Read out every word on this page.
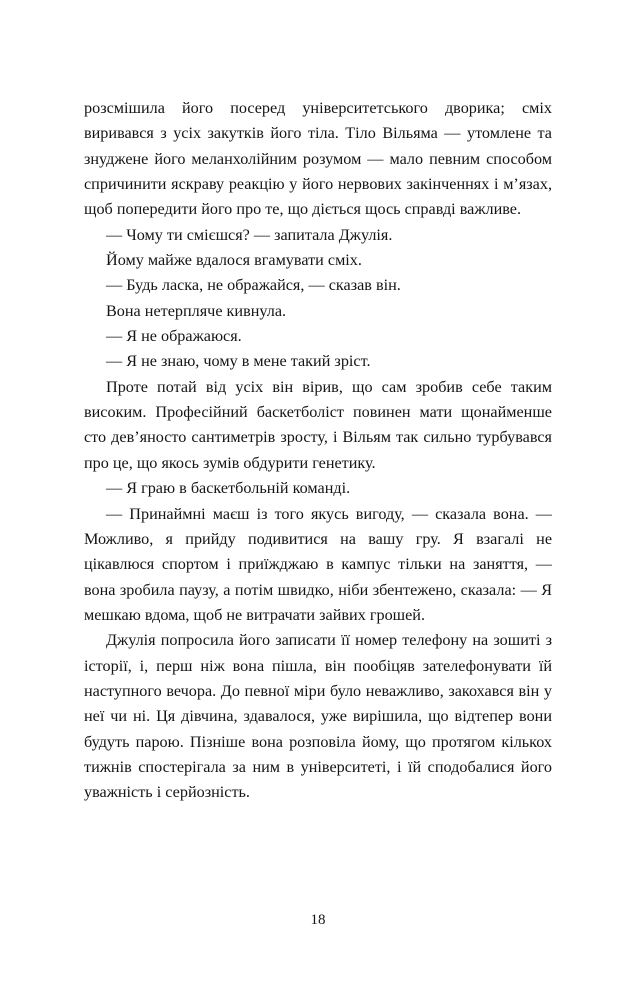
розсмішила його посеред університетського дворика; сміх виривався з усіх закутків його тіла. Тіло Вільяма — утомлене та знуджене його меланхолійним розумом — мало певним способом спричинити яскраву реакцію у його нервових закінченнях і м’язах, щоб попередити його про те, що діється щось справді важливе.

— Чому ти смієшся? — запитала Джулія.

Йому майже вдалося вгамувати сміх.

— Будь ласка, не ображайся, — сказав він.

Вона нетерпляче кивнула.

— Я не ображаюся.

— Я не знаю, чому в мене такий зріст.

Проте потай від усіх він вірив, що сам зробив себе таким високим. Професійний баскетболіст повинен мати щонайменше сто дев’яносто сантиметрів зросту, і Вільям так сильно турбувався про це, що якось зумів обдурити генетику.

— Я граю в баскетбольній команді.

— Принаймні маєш із того якусь вигоду, — сказала вона. — Можливо, я прийду подивитися на вашу гру. Я взагалі не цікавлюся спортом і приїжджаю в кампус тільки на заняття, — вона зробила паузу, а потім швидко, ніби збентежено, сказала: — Я мешкаю вдома, щоб не витрачати зайвих грошей.

Джулія попросила його записати її номер телефону на зошиті з історії, і, перш ніж вона пішла, він пообіцяв зателефонувати їй наступного вечора. До певної міри було неважливо, закохався він у неї чи ні. Ця дівчина, здавалося, уже вирішила, що відтепер вони будуть парою. Пізніше вона розповіла йому, що протягом кількох тижнів спостерігала за ним в університеті, і їй сподобалися його уважність і серйозність.

18
